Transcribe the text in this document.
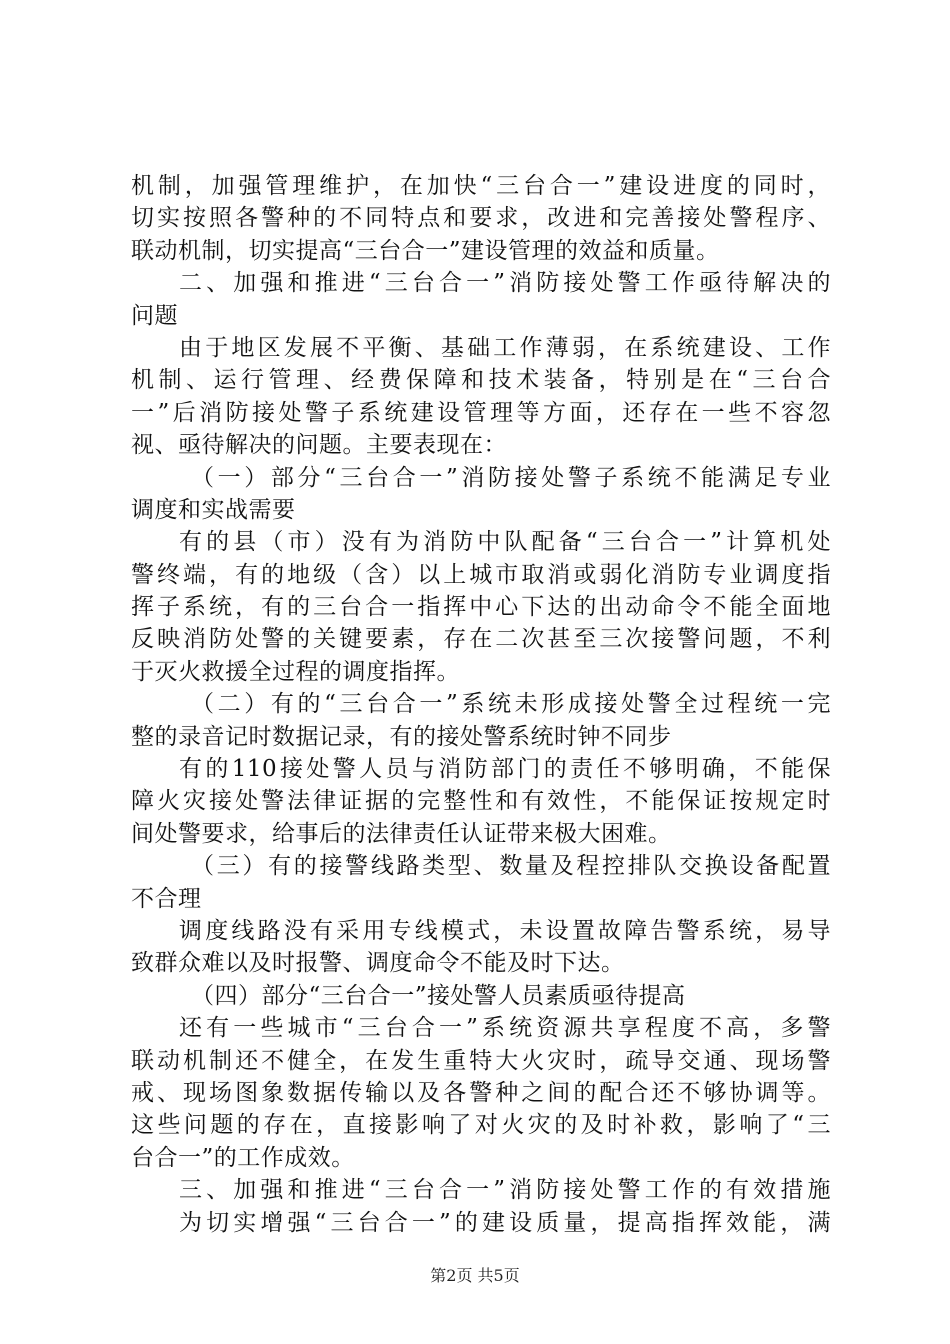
机制，加强管理维护，在加快“三台合一”建设进度的同时，
切实按照各警种的不同特点和要求，改进和完善接处警程序、
联动机制，切实提高“三台合一”建设管理的效益和质量。
二、加强和推进“三台合一”消防接处警工作亟待解决的
问题
由于地区发展不平衡、基础工作薄弱，在系统建设、工作
机制、运行管理、经费保障和技术装备，特别是在“三台合
一”后消防接处警子系统建设管理等方面，还存在一些不容忽
视、亟待解决的问题。主要表现在：
（一）部分“三台合一”消防接处警子系统不能满足专业
调度和实战需要
有的县（市）没有为消防中队配备“三台合一”计算机处
警终端，有的地级（含）以上城市取消或弱化消防专业调度指
挥子系统，有的三台合一指挥中心下达的出动命令不能全面地
反映消防处警的关键要素，存在二次甚至三次接警问题，不利
于灭火救援全过程的调度指挥。
（二）有的“三台合一”系统未形成接处警全过程统一完
整的录音记时数据记录，有的接处警系统时钟不同步
有的110接处警人员与消防部门的责任不够明确，不能保
障火灾接处警法律证据的完整性和有效性，不能保证按规定时
间处警要求，给事后的法律责任认证带来极大困难。
（三）有的接警线路类型、数量及程控排队交换设备配置
不合理
调度线路没有采用专线模式，未设置故障告警系统，易导
致群众难以及时报警、调度命令不能及时下达。
（四）部分“三台合一”接处警人员素质亟待提高
还有一些城市“三台合一”系统资源共享程度不高，多警
联动机制还不健全，在发生重特大火灾时，疏导交通、现场警
戒、现场图象数据传输以及各警种之间的配合还不够协调等。
这些问题的存在，直接影响了对火灾的及时补救，影响了“三
台合一”的工作成效。
三、加强和推进“三台合一”消防接处警工作的有效措施
为切实增强“三台合一”的建设质量，提高指挥效能，满
第2页 共5页
